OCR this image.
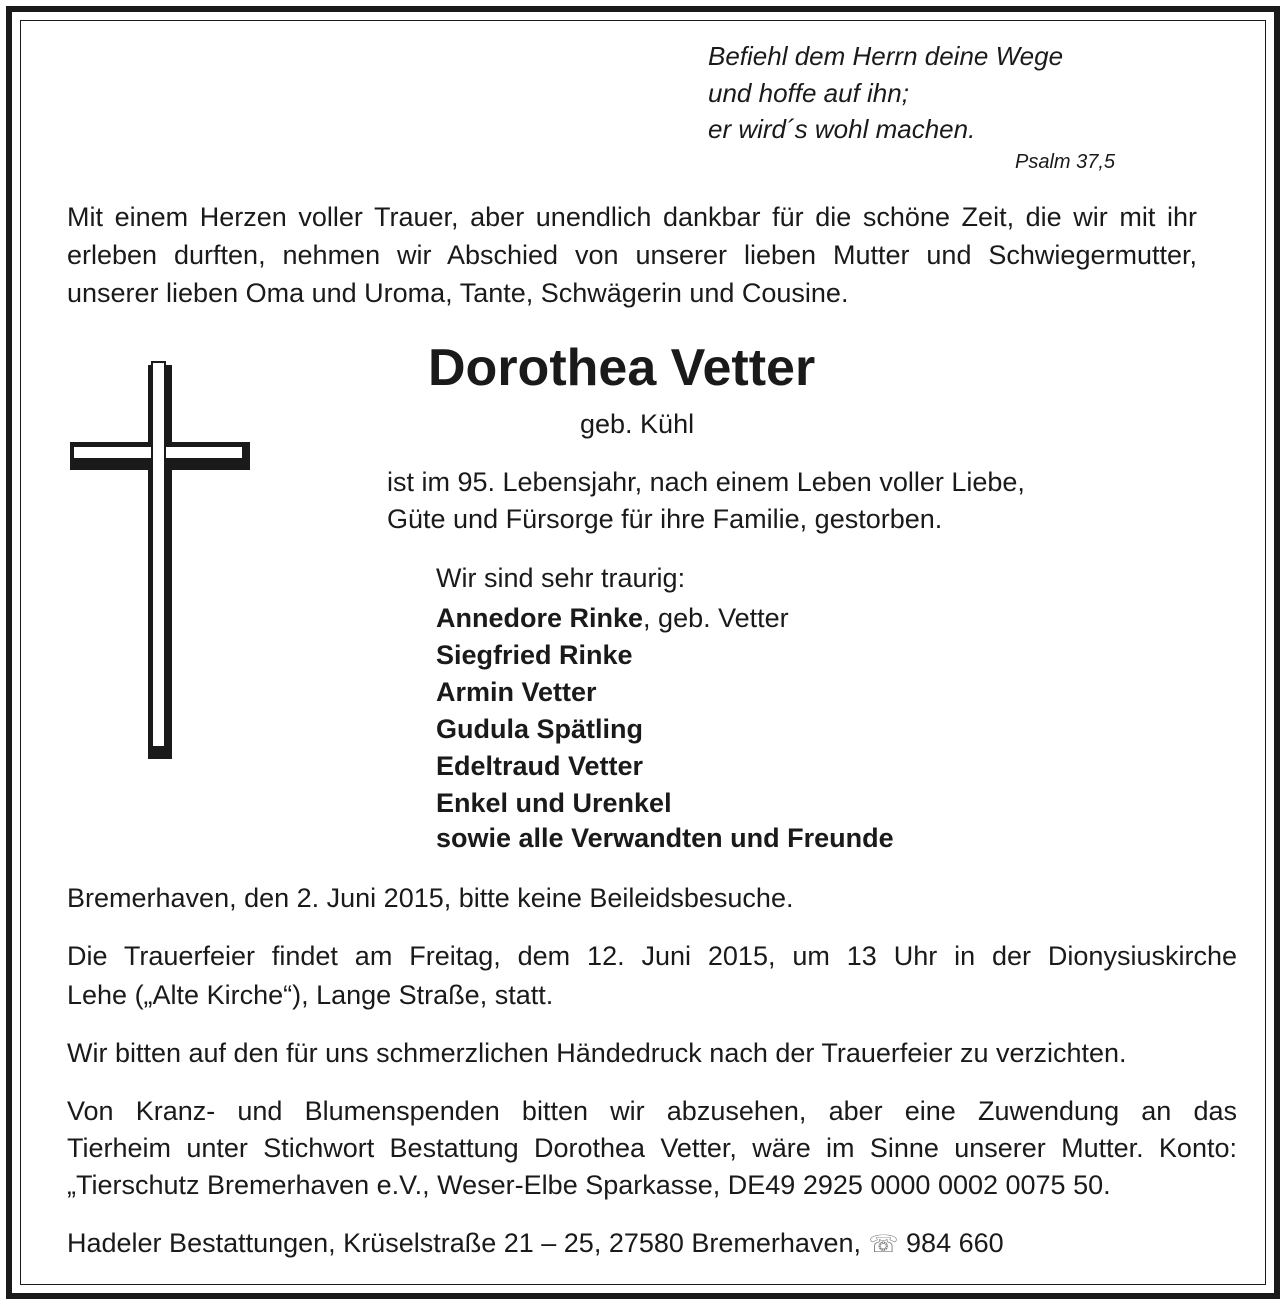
Befiehl dem Herrn deine Wege
und hoffe auf ihn;
er wird´s wohl machen.
Psalm 37,5
Mit einem Herzen voller Trauer, aber unendlich dankbar für die schöne Zeit, die wir mit ihr
erleben durften, nehmen wir Abschied von unserer lieben Mutter und Schwiegermutter,
unserer lieben Oma und Uroma, Tante, Schwägerin und Cousine.
Dorothea Vetter
geb. Kühl
ist im 95. Lebensjahr, nach einem Leben voller Liebe,
Güte und Fürsorge für ihre Familie, gestorben.
Wir sind sehr traurig:
Annedore Rinke, geb. Vetter
Siegfried Rinke
Armin Vetter
Gudula Spätling
Edeltraud Vetter
Enkel und Urenkel
sowie alle Verwandten und Freunde
Bremerhaven, den 2. Juni 2015, bitte keine Beileidsbesuche.
Die Trauerfeier findet am Freitag, dem 12. Juni 2015, um 13 Uhr in der Dionysiuskirche
Lehe („Alte Kirche“), Lange Straße, statt.
Wir bitten auf den für uns schmerzlichen Händedruck nach der Trauerfeier zu verzichten.
Von Kranz- und Blumenspenden bitten wir abzusehen, aber eine Zuwendung an das
Tierheim unter Stichwort Bestattung Dorothea Vetter, wäre im Sinne unserer Mutter. Konto:
„Tierschutz Bremerhaven e.V., Weser-Elbe Sparkasse, DE49 2925 0000 0002 0075 50.
Hadeler Bestattungen, Krüselstraße 21 – 25, 27580 Bremerhaven, ☏ 984 660
